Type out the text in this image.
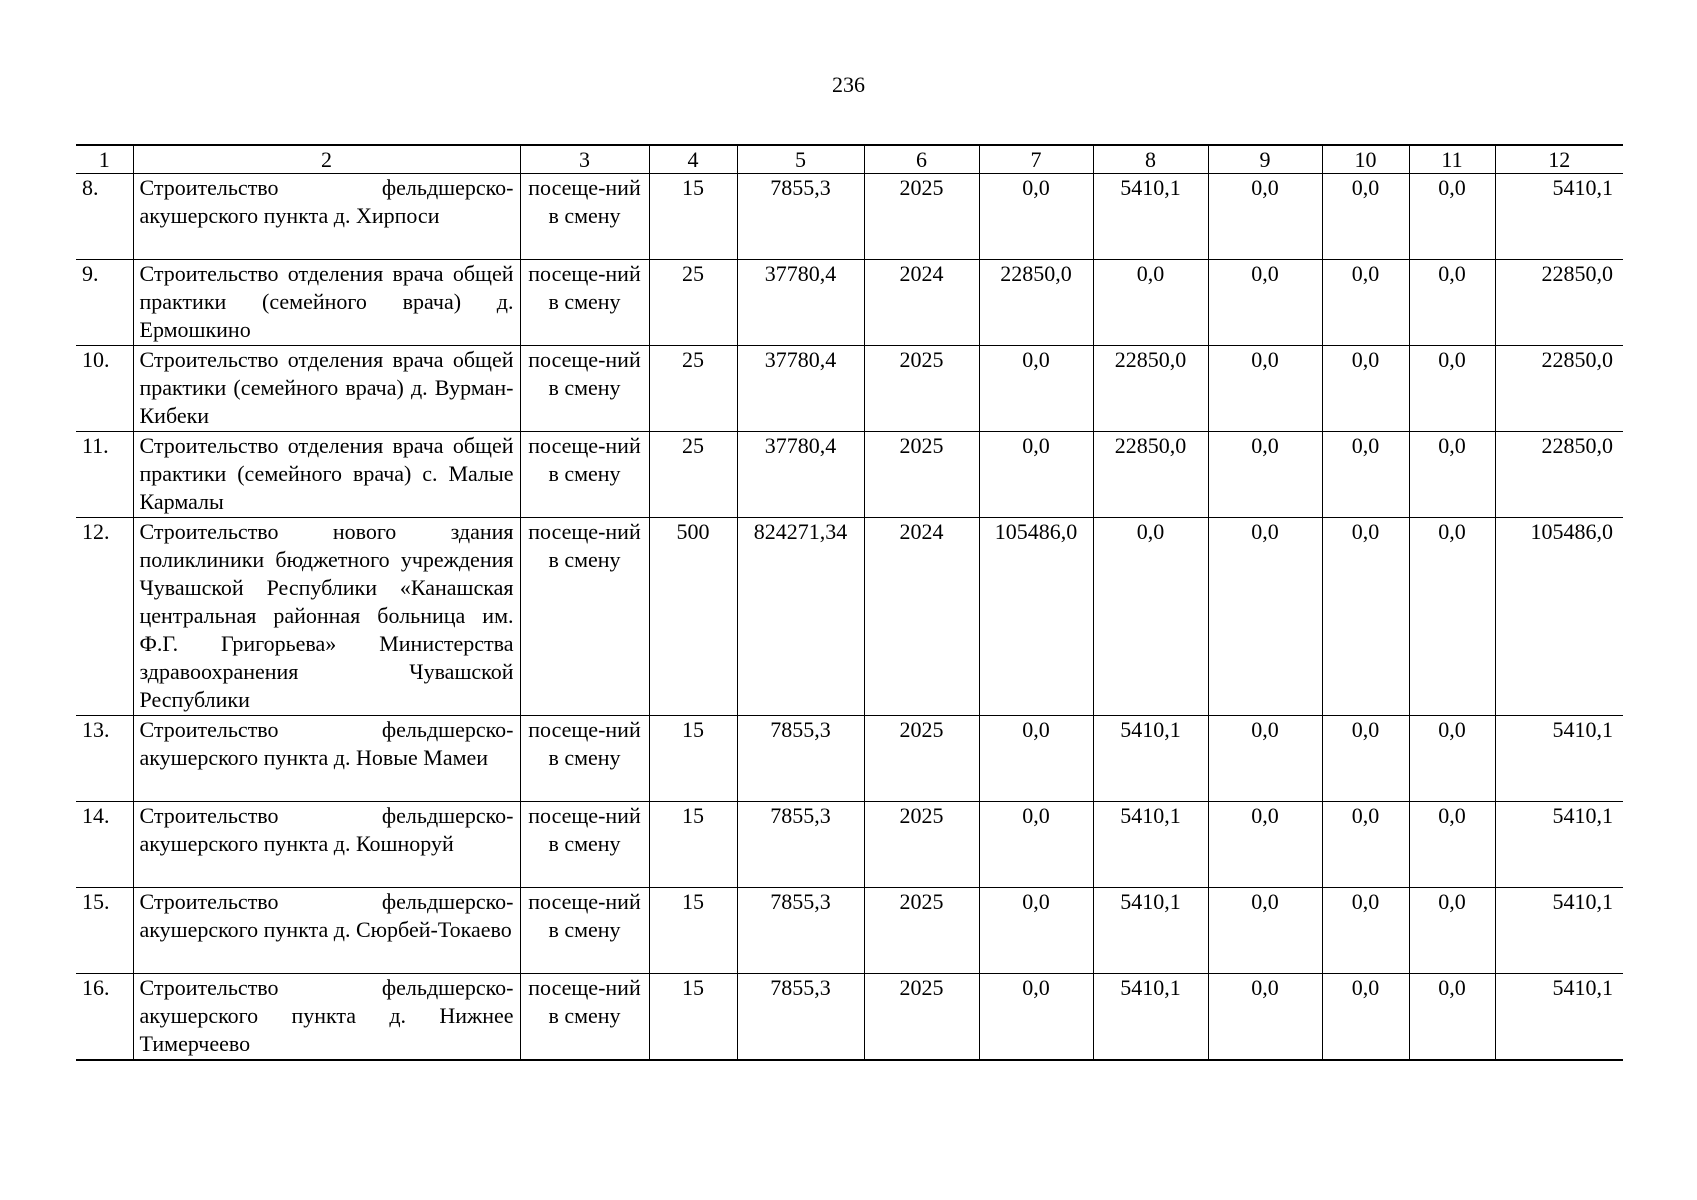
236
1	2	3	4	5	6	7	8	9	10	11	12
8.	Строительство фельдшерско-акушерского пункта д. Хирпоси	посеще-ний в смену	15	7855,3	2025	0,0	5410,1	0,0	0,0	0,0	5410,1
9.	Строительство отделения врача общей практики (семейного врача) д. Ермошкино	посеще-ний в смену	25	37780,4	2024	22850,0	0,0	0,0	0,0	0,0	22850,0
10.	Строительство отделения врача общей практики (семейного врача) д. Вурман-Кибеки	посеще-ний в смену	25	37780,4	2025	0,0	22850,0	0,0	0,0	0,0	22850,0
11.	Строительство отделения врача общей практики (семейного врача) с. Малые Кармалы	посеще-ний в смену	25	37780,4	2025	0,0	22850,0	0,0	0,0	0,0	22850,0
12.	Строительство нового здания поликлиники бюджетного учреждения Чувашской Республики «Канашская центральная районная больница им. Ф.Г. Григорьева» Министерства здравоохранения Чувашской Республики	посеще-ний в смену	500	824271,34	2024	105486,0	0,0	0,0	0,0	0,0	105486,0
13.	Строительство фельдшерско-акушерского пункта д. Новые Мамеи	посеще-ний в смену	15	7855,3	2025	0,0	5410,1	0,0	0,0	0,0	5410,1
14.	Строительство фельдшерско-акушерского пункта д. Кошноруй	посеще-ний в смену	15	7855,3	2025	0,0	5410,1	0,0	0,0	0,0	5410,1
15.	Строительство фельдшерско-акушерского пункта д. Сюрбей-Токаево	посеще-ний в смену	15	7855,3	2025	0,0	5410,1	0,0	0,0	0,0	5410,1
16.	Строительство фельдшерско-акушерского пункта д. Нижнее Тимерчеево	посеще-ний в смену	15	7855,3	2025	0,0	5410,1	0,0	0,0	0,0	5410,1
